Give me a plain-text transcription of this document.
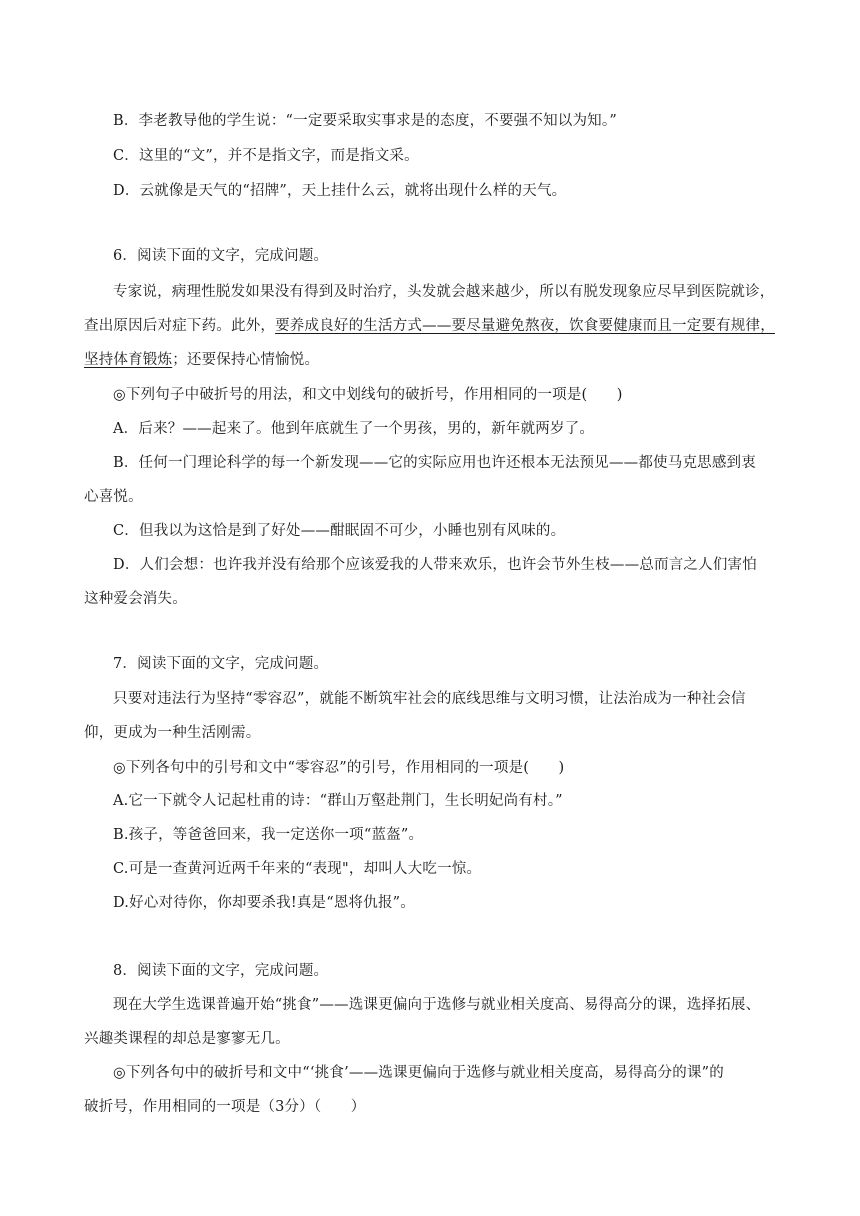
B．李老教导他的学生说：“一定要采取实事求是的态度，不要强不知以为知。”
C．这里的“文”，并不是指文字，而是指文采。
D．云就像是天气的“招牌”，天上挂什么云，就将出现什么样的天气。
6．阅读下面的文字，完成问题。
专家说，病理性脱发如果没有得到及时治疗，头发就会越来越少，所以有脱发现象应尽早到医院就诊，
查出原因后对症下药。此外，要养成良好的生活方式——要尽量避免熬夜，饮食要健康而且一定要有规律，
坚持体育锻炼；还要保持心情愉悦。
◎下列句子中破折号的用法，和文中划线句的破折号，作用相同的一项是(　　)
A．后来？——起来了。他到年底就生了一个男孩，男的，新年就两岁了。
B．任何一门理论科学的每一个新发现——它的实际应用也许还根本无法预见——都使马克思感到衷
心喜悦。
C．但我以为这恰是到了好处——酣眠固不可少，小睡也别有风味的。
D．人们会想：也许我并没有给那个应该爱我的人带来欢乐，也许会节外生枝——总而言之人们害怕
这种爱会消失。
7．阅读下面的文字，完成问题。
只要对违法行为坚持“零容忍”，就能不断筑牢社会的底线思维与文明习惯，让法治成为一种社会信
仰，更成为一种生活刚需。
◎下列各句中的引号和文中“零容忍”的引号，作用相同的一项是(　　)
A.它一下就令人记起杜甫的诗：“群山万壑赴荆门，生长明妃尚有村。”
B.孩子，等爸爸回来，我一定送你一项“蓝盔”。
C.可是一查黄河近两千年来的“表现"，却叫人大吃一惊。
D.好心对待你，你却要杀我!真是“恩将仇报”。
8．阅读下面的文字，完成问题。
现在大学生选课普遍开始“挑食”——选课更偏向于选修与就业相关度高、易得高分的课，选择拓展、
兴趣类课程的却总是寥寥无几。
◎下列各句中的破折号和文中“‘挑食’——选课更偏向于选修与就业相关度高，易得高分的课”的
破折号，作用相同的一项是（3分）（　　）
